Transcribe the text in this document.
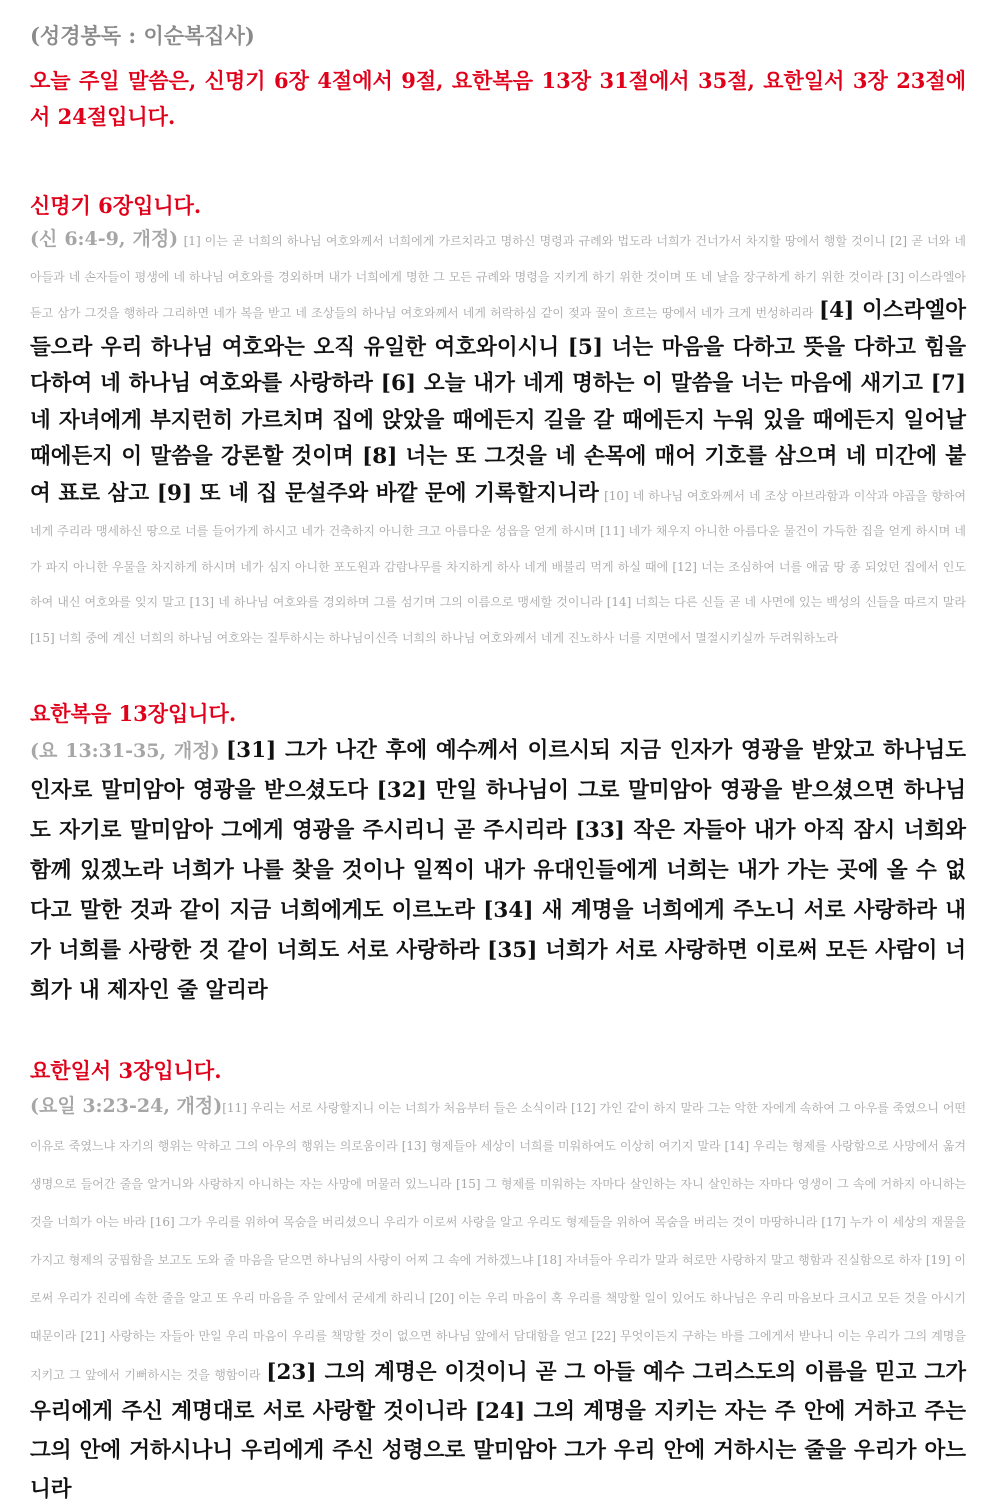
(성경봉독 : 이순복집사)

오늘 주일 말씀은, 신명기 6장 4절에서 9절, 요한복음 13장 31절에서 35절, 요한일서 3장 23절에서 24절입니다.

신명기 6장입니다.

(신 6:4-9, 개정) [1] 이는 곧 너희의 하나님 여호와께서 너희에게 가르치라고 명하신 명령과 규례와 법도라 너희가 건너가서 차지할 땅에서 행할 것이니 [2] 곧 너와 네 아들과 네 손자들이 평생에 네 하나님 여호와를 경외하며 내가 너희에게 명한 그 모든 규례와 명령을 지키게 하기 위한 것이며 또 네 날을 장구하게 하기 위한 것이라 [3] 이스라엘아 듣고 삼가 그것을 행하라 그리하면 네가 복을 받고 네 조상들의 하나님 여호와께서 네게 허락하심 같이 젖과 꿀이 흐르는 땅에서 네가 크게 번성하리라 [4] 이스라엘아 들으라 우리 하나님 여호와는 오직 유일한 여호와이시니 [5] 너는 마음을 다하고 뜻을 다하고 힘을 다하여 네 하나님 여호와를 사랑하라 [6] 오늘 내가 네게 명하는 이 말씀을 너는 마음에 새기고 [7] 네 자녀에게 부지런히 가르치며 집에 앉았을 때에든지 길을 갈 때에든지 누워 있을 때에든지 일어날 때에든지 이 말씀을 강론할 것이며 [8] 너는 또 그것을 네 손목에 매어 기호를 삼으며 네 미간에 붙여 표로 삼고 [9] 또 네 집 문설주와 바깥 문에 기록할지니라 [10] 네 하나님 여호와께서 네 조상 아브라함과 이삭과 야곱을 향하여 네게 주리라 맹세하신 땅으로 너를 들어가게 하시고 네가 건축하지 아니한 크고 아름다운 성읍을 얻게 하시며 [11] 네가 채우지 아니한 아름다운 물건이 가득한 집을 얻게 하시며 네가 파지 아니한 우물을 차지하게 하시며 네가 심지 아니한 포도원과 감람나무를 차지하게 하사 네게 배불리 먹게 하실 때에 [12] 너는 조심하여 너를 애굽 땅 종 되었던 집에서 인도하여 내신 여호와를 잊지 말고 [13] 네 하나님 여호와를 경외하며 그를 섬기며 그의 이름으로 맹세할 것이니라 [14] 너희는 다른 신들 곧 네 사면에 있는 백성의 신들을 따르지 말라 [15] 너희 중에 계신 너희의 하나님 여호와는 질투하시는 하나님이신즉 너희의 하나님 여호와께서 네게 진노하사 너를 지면에서 멸절시키실까 두려워하노라

요한복음 13장입니다.

(요 13:31-35, 개정) [31] 그가 나간 후에 예수께서 이르시되 지금 인자가 영광을 받았고 하나님도 인자로 말미암아 영광을 받으셨도다 [32] 만일 하나님이 그로 말미암아 영광을 받으셨으면 하나님도 자기로 말미암아 그에게 영광을 주시리니 곧 주시리라 [33] 작은 자들아 내가 아직 잠시 너희와 함께 있겠노라 너희가 나를 찾을 것이나 일찍이 내가 유대인들에게 너희는 내가 가는 곳에 올 수 없다고 말한 것과 같이 지금 너희에게도 이르노라 [34] 새 계명을 너희에게 주노니 서로 사랑하라 내가 너희를 사랑한 것 같이 너희도 서로 사랑하라 [35] 너희가 서로 사랑하면 이로써 모든 사람이 너희가 내 제자인 줄 알리라

요한일서 3장입니다.

(요일 3:23-24, 개정)[11] 우리는 서로 사랑할지니 이는 너희가 처음부터 들은 소식이라 [12] 가인 같이 하지 말라 그는 악한 자에게 속하여 그 아우를 죽였으니 어떤 이유로 죽였느냐 자기의 행위는 악하고 그의 아우의 행위는 의로움이라 [13] 형제들아 세상이 너희를 미워하여도 이상히 여기지 말라 [14] 우리는 형제를 사랑함으로 사망에서 옮겨 생명으로 들어간 줄을 알거니와 사랑하지 아니하는 자는 사망에 머물러 있느니라 [15] 그 형제를 미워하는 자마다 살인하는 자니 살인하는 자마다 영생이 그 속에 거하지 아니하는 것을 너희가 아는 바라 [16] 그가 우리를 위하여 목숨을 버리셨으니 우리가 이로써 사랑을 알고 우리도 형제들을 위하여 목숨을 버리는 것이 마땅하니라 [17] 누가 이 세상의 재물을 가지고 형제의 궁핍함을 보고도 도와 줄 마음을 닫으면 하나님의 사랑이 어찌 그 속에 거하겠느냐 [18] 자녀들아 우리가 말과 혀로만 사랑하지 말고 행함과 진실함으로 하자 [19] 이로써 우리가 진리에 속한 줄을 알고 또 우리 마음을 주 앞에서 굳세게 하리니 [20] 이는 우리 마음이 혹 우리를 책망할 일이 있어도 하나님은 우리 마음보다 크시고 모든 것을 아시기 때문이라 [21] 사랑하는 자들아 만일 우리 마음이 우리를 책망할 것이 없으면 하나님 앞에서 담대함을 얻고 [22] 무엇이든지 구하는 바를 그에게서 받나니 이는 우리가 그의 계명을 지키고 그 앞에서 기뻐하시는 것을 행함이라 [23] 그의 계명은 이것이니 곧 그 아들 예수 그리스도의 이름을 믿고 그가 우리에게 주신 계명대로 서로 사랑할 것이니라 [24] 그의 계명을 지키는 자는 주 안에 거하고 주는 그의 안에 거하시나니 우리에게 주신 성령으로 말미암아 그가 우리 안에 거하시는 줄을 우리가 아느니라
